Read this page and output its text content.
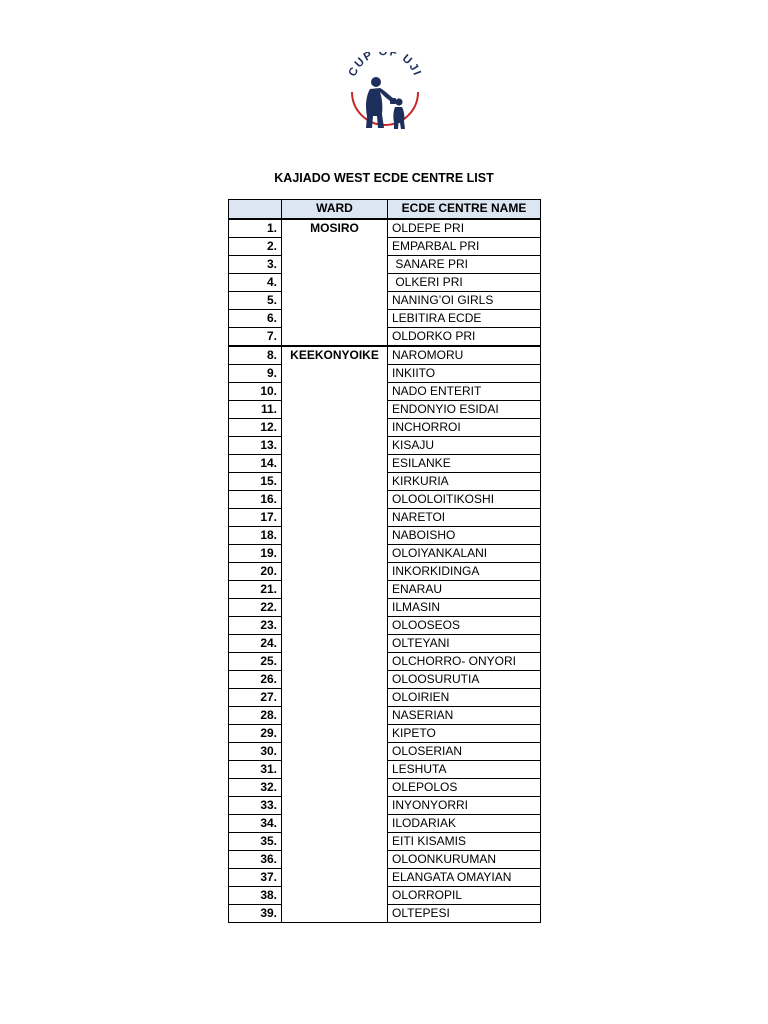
CUP OF UJI
KAJIADO WEST ECDE CENTRE LIST
	WARD	ECDE CENTRE NAME
1.	MOSIRO	OLDEPE PRI
2.		EMPARBAL PRI
3.		SANARE PRI
4.		OLKERI PRI
5.		NANING’OI GIRLS
6.		LEBITIRA ECDE
7.		OLDORKO PRI
8.	KEEKONYOIKE	NAROMORU
9.		INKIITO
10.		NADO ENTERIT
11.		ENDONYIO ESIDAI
12.		INCHORROI
13.		KISAJU
14.		ESILANKE
15.		KIRKURIA
16.		OLOOLOITIKOSHI
17.		NARETOI
18.		NABOISHO
19.		OLOIYANKALANI
20.		INKORKIDINGA
21.		ENARAU
22.		ILMASIN
23.		OLOOSEOS
24.		OLTEYANI
25.		OLCHORRO- ONYORI
26.		OLOOSURUTIA
27.		OLOIRIEN
28.		NASERIAN
29.		KIPETO
30.		OLOSERIAN
31.		LESHUTA
32.		OLEPOLOS
33.		INYONYORRI
34.		ILODARIAK
35.		EITI KISAMIS
36.		OLOONKURUMAN
37.		ELANGATA OMAYIAN
38.		OLORROPIL
39.		OLTEPESI
